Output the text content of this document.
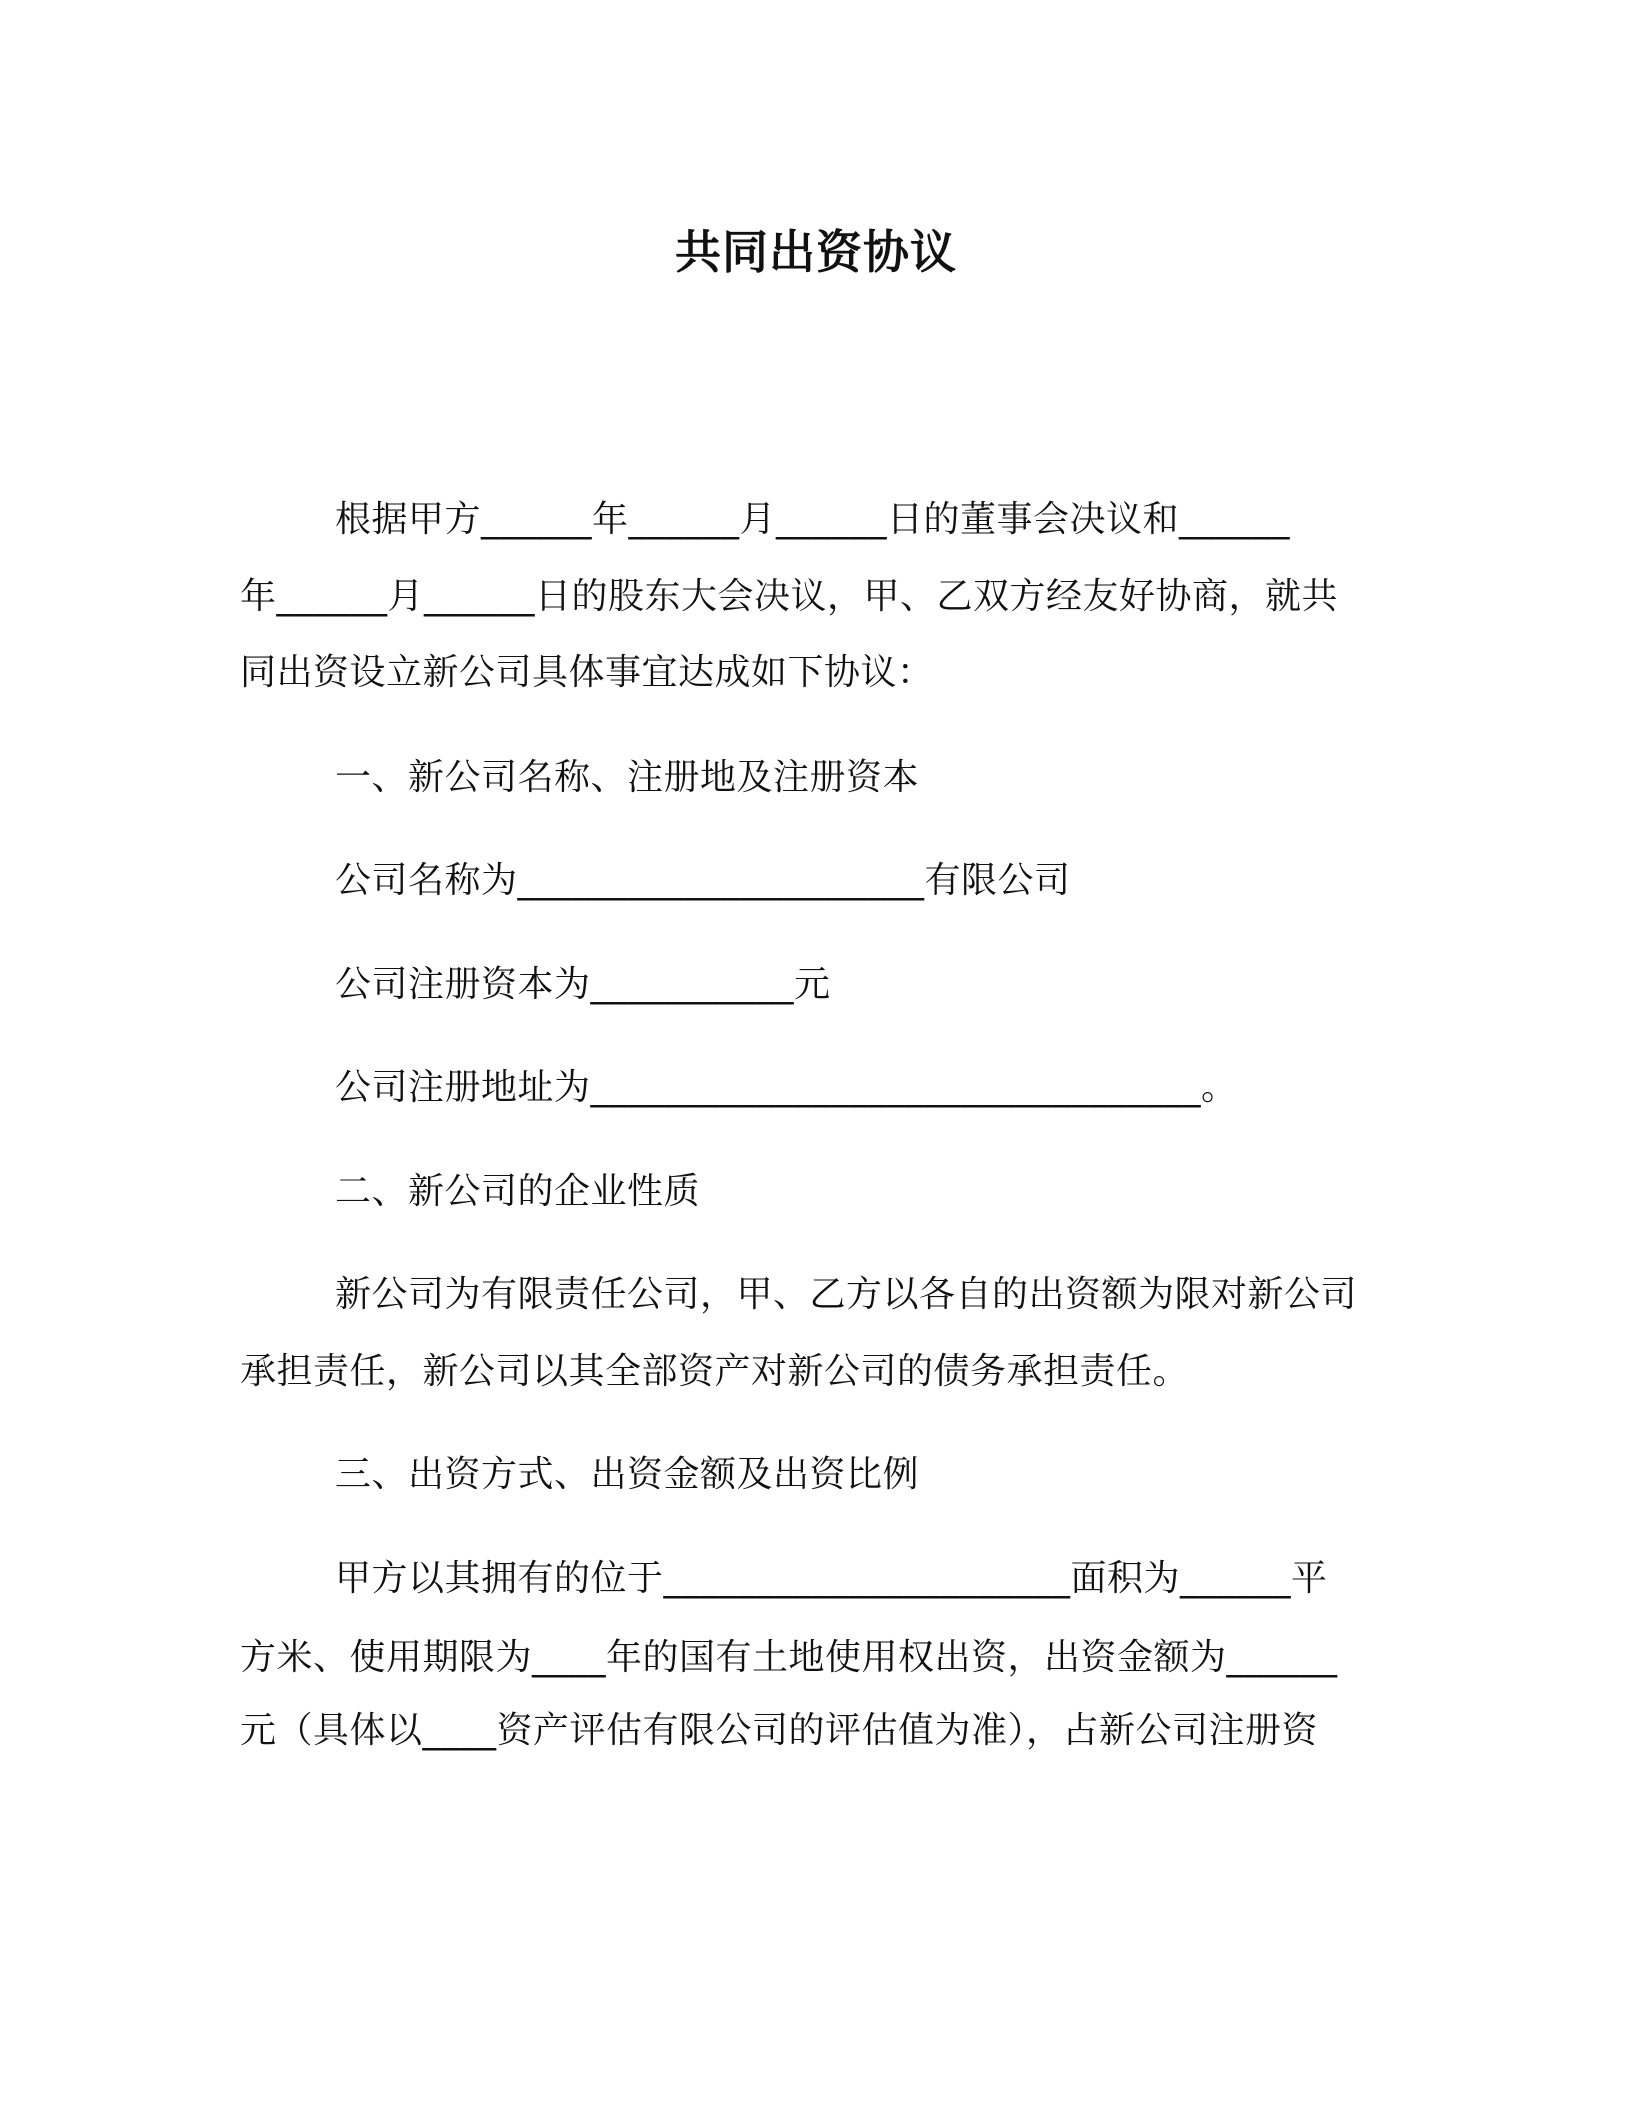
共同出资协议
根据甲方______年______月______日的董事会决议和______
年______月______日的股东大会决议，甲、乙双方经友好协商，就共
同出资设立新公司具体事宜达成如下协议：
一、新公司名称、注册地及注册资本
公司名称为______________________有限公司
公司注册资本为___________元
公司注册地址为_________________________________。
二、新公司的企业性质
新公司为有限责任公司，甲、乙方以各自的出资额为限对新公司
承担责任，新公司以其全部资产对新公司的债务承担责任。
三、出资方式、出资金额及出资比例
甲方以其拥有的位于______________________面积为______平
方米、使用期限为____年的国有土地使用权出资，出资金额为______
元（具体以____资产评估有限公司的评估值为准），占新公司注册资
